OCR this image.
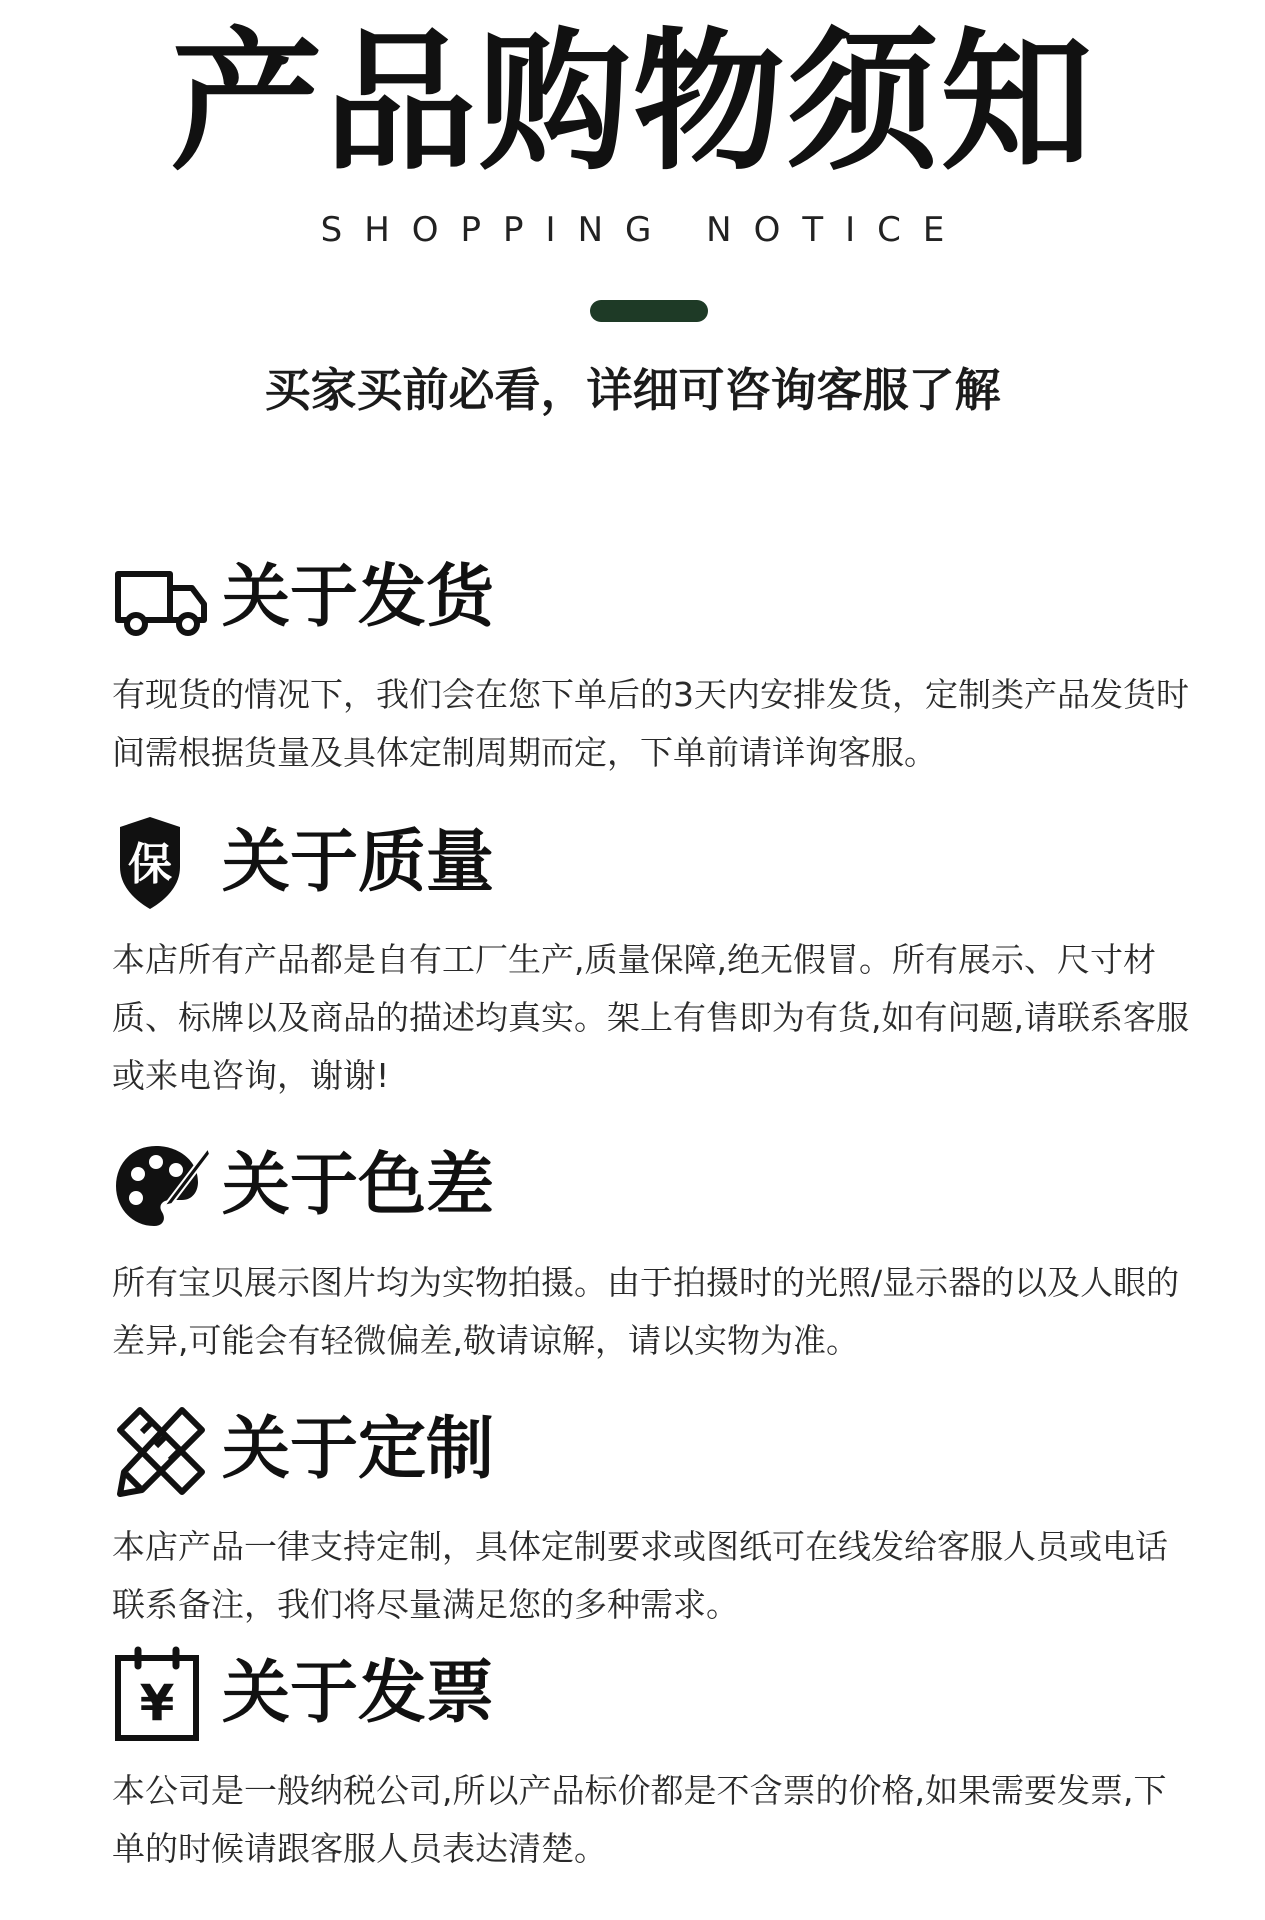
产品购物须知
SHOPPING NOTICE
买家买前必看，详细可咨询客服了解
关于发货
有现货的情况下，我们会在您下单后的3天内安排发货，定制类产品发货时间需根据货量及具体定制周期而定，下单前请详询客服。
保 关于质量
本店所有产品都是自有工厂生产,质量保障,绝无假冒。所有展示、尺寸材质、标牌以及商品的描述均真实。架上有售即为有货,如有问题,请联系客服或来电咨询，谢谢!
关于色差
所有宝贝展示图片均为实物拍摄。由于拍摄时的光照/显示器的以及人眼的差异,可能会有轻微偏差,敬请谅解，请以实物为准。
关于定制
本店产品一律支持定制，具体定制要求或图纸可在线发给客服人员或电话联系备注，我们将尽量满足您的多种需求。
¥ 关于发票
本公司是一般纳税公司,所以产品标价都是不含票的价格,如果需要发票,下单的时候请跟客服人员表达清楚。
